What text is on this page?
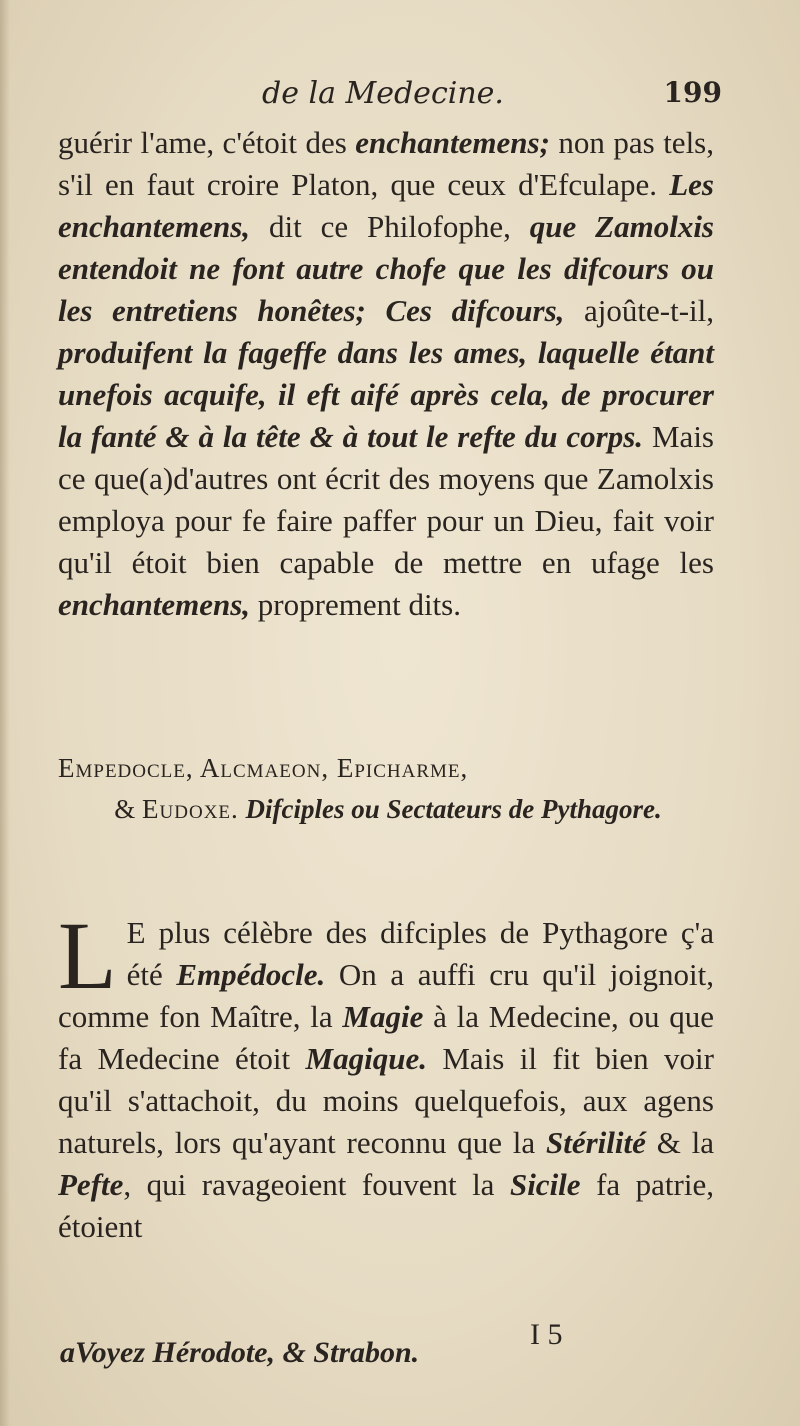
de la Medecine.	199
guérir l'ame, c'étoit des enchantemens; non pas tels, s'il en faut croire Platon, que ceux d'Efculape. Les enchantemens, dit ce Philofophe, que Zamolxis entendoit ne font autre chofe que les difcours ou les entretiens honêtes; Ces difcours, ajoûte-t-il, produifent la fageffe dans les ames, laquelle étant unefois acquife, il eft aifé après cela, de procurer la fanté & à la tête & à tout le refte du corps. Mais ce que(a)d'autres ont écrit des moyens que Zamolxis employa pour fe faire paffer pour un Dieu, fait voir qu'il étoit bien capable de mettre en ufage les enchantemens, proprement dits.
Empedocle, Alcmaeon, Epicharme,
& Eudoxe. Difciples ou Sectateurs de Pythagore.
L E plus célèbre des difciples de Pythagore ç'a été Empédocle. On a auffi cru qu'il joignoit, comme fon Maître, la Magie à la Medecine, ou que fa Medecine étoit Magique. Mais il fit bien voir qu'il s'attachoit, du moins quelquefois, aux agens naturels, lors qu'ayant reconnu que la Stérilité & la Pefte, qui ravageoient fouvent la Sicile fa patrie, étoient
I 5
aVoyez Hérodote, & Strabon.
